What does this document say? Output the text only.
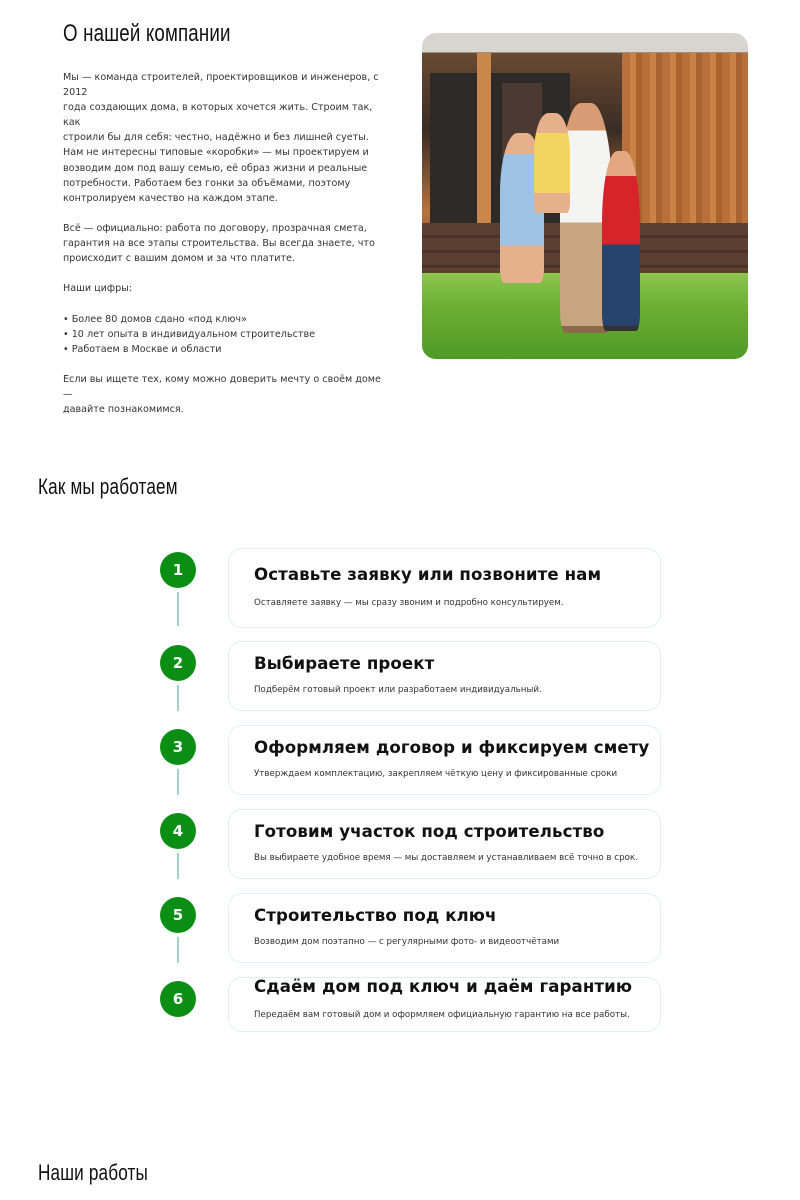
О нашей компании

Мы — команда строителей, проектировщиков и инженеров, с 2012

года создающих дома, в которых хочется жить. Строим так, как

строили бы для себя: честно, надёжно и без лишней суеты.

Нам не интересны типовые «коробки» — мы проектируем и

возводим дом под вашу семью, её образ жизни и реальные

потребности. Работаем без гонки за объёмами, поэтому

контролируем качество на каждом этапе.

Всё — официально: работа по договору, прозрачная смета,

гарантия на все этапы строительства. Вы всегда знаете, что

происходит с вашим домом и за что платите.

Наши цифры:

• Более 80 домов сдано «под ключ»

• 10 лет опыта в индивидуальном строительстве

• Работаем в Москве и области

Если вы ищете тех, кому можно доверить мечту о своём доме —

давайте познакомимся.

Как мы работаем
1	Оставьте заявку или позвоните нам
Оставляете заявку — мы сразу звоним и подробно консультируем.
2	Выбираете проект
Подберём готовый проект или разработаем индивидуальный.
3	Оформляем договор и фиксируем смету
Утверждаем комплектацию, закрепляем чёткую цену и фиксированные сроки
4	Готовим участок под строительство
Вы выбираете удобное время — мы доставляем и устанавливаем всё точно в срок.
5	Строительство под ключ
Возводим дом поэтапно — с регулярными фото- и видеоотчётами
6
Сдаём дом под ключ и даём гарантию
Передаём вам готовый дом и оформляем официальную гарантию на все работы.
Наши работы
